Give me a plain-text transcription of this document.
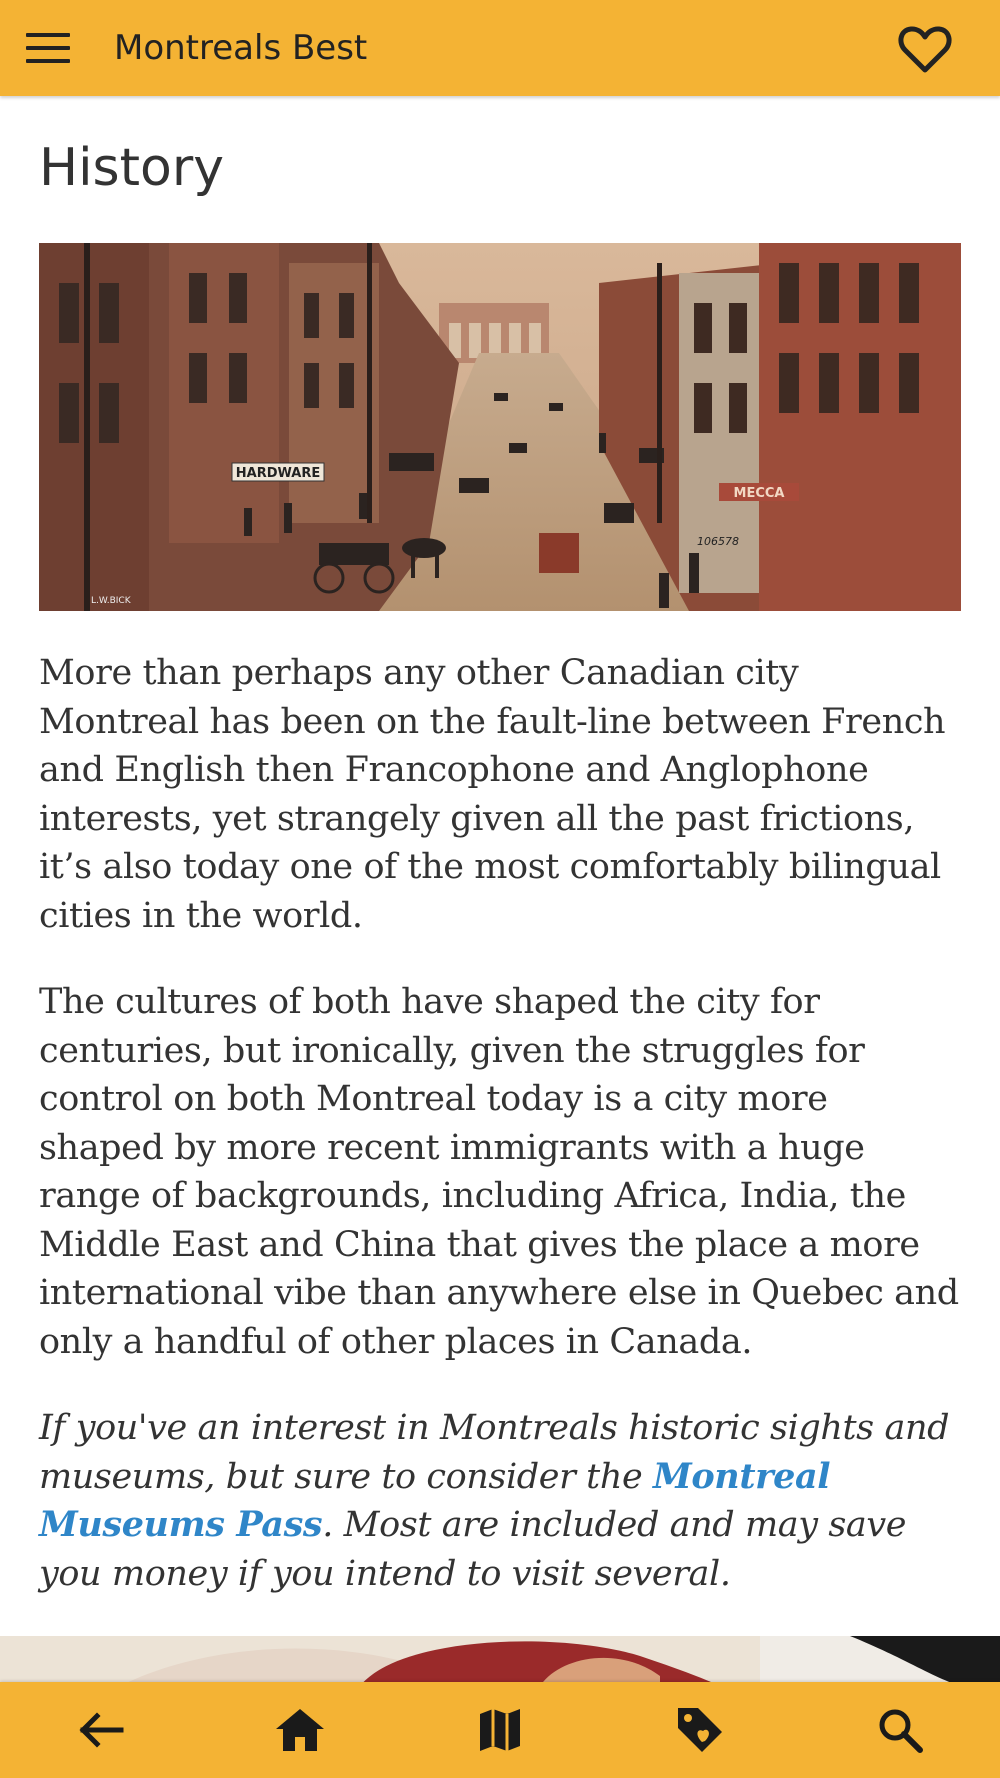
Montreals Best
History
HARDWARE
MECCA
106578
L.W.BICK

More than perhaps any other Canadian city Montreal has been on the fault-line between French and English then Francophone and Anglophone interests, yet strangely given all the past frictions, it’s also today one of the most comfortably bilingual cities in the world.

The cultures of both have shaped the city for centuries, but ironically, given the struggles for control on both Montreal today is a city more shaped by more recent immigrants with a huge range of backgrounds, including Africa, India, the Middle East and China that gives the place a more international vibe than anywhere else in Quebec and only a handful of other places in Canada.

If you've an interest in Montreals historic sights and museums, but sure to consider the Montreal Museums Pass. Most are included and may save you money if you intend to visit several.
